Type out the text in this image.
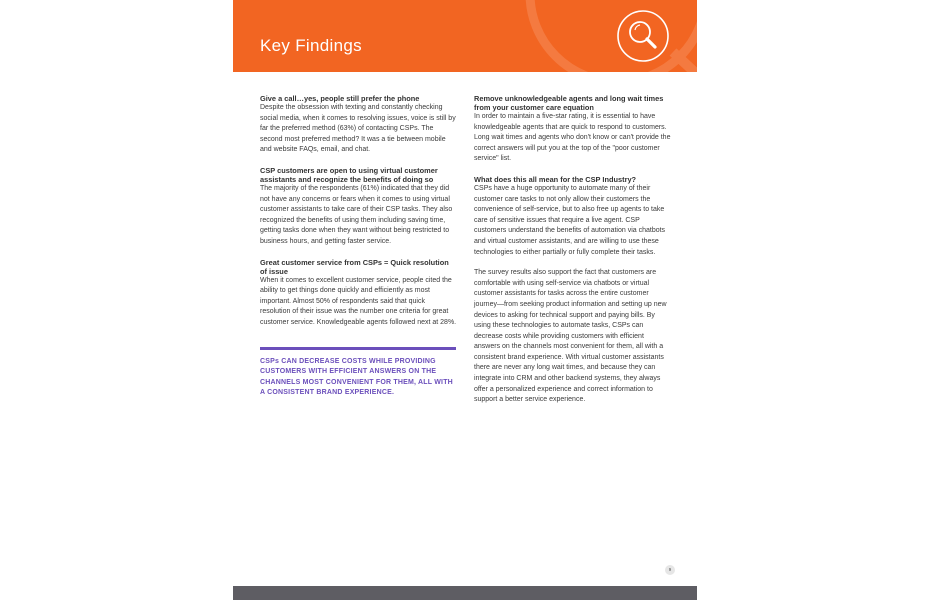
Key Findings

Give a call…yes, people still prefer the phone

Despite the obsession with texting and constantly checking social media, when it comes to resolving issues, voice is still by far the preferred method (63%) of contacting CSPs. The second most preferred method? It was a tie between mobile and website FAQs, email, and chat.

CSP customers are open to using virtual customer assistants and recognize the benefits of doing so

The majority of the respondents (61%) indicated that they did not have any concerns or fears when it comes to using virtual customer assistants to take care of their CSP tasks. They also recognized the benefits of using them including saving time, getting tasks done when they want without being restricted to business hours, and getting faster service.

Great customer service from CSPs = Quick resolution of issue

When it comes to excellent customer service, people cited the ability to get things done quickly and efficiently as most important. Almost 50% of respondents said that quick resolution of their issue was the number one criteria for great customer service. Knowledgeable agents followed next at 28%.

CSPs CAN DECREASE COSTS WHILE PROVIDING CUSTOMERS WITH EFFICIENT ANSWERS ON THE CHANNELS MOST CONVENIENT FOR THEM, ALL WITH A CONSISTENT BRAND EXPERIENCE.

Remove unknowledgeable agents and long wait times from your customer care equation

In order to maintain a five-star rating, it is essential to have knowledgeable agents that are quick to respond to customers. Long wait times and agents who don't know or can't provide the correct answers will put you at the top of the "poor customer service" list.

What does this all mean for the CSP Industry?

CSPs have a huge opportunity to automate many of their customer care tasks to not only allow their customers the convenience of self-service, but to also free up agents to take care of sensitive issues that require a live agent. CSP customers understand the benefits of automation via chatbots and virtual customer assistants, and are willing to use these technologies to either partially or fully complete their tasks.

The survey results also support the fact that customers are comfortable with using self-service via chatbots or virtual customer assistants for tasks across the entire customer journey—from seeking product information and setting up new devices to asking for technical support and paying bills. By using these technologies to automate tasks, CSPs can decrease costs while providing customers with efficient answers on the channels most convenient for them, all with a consistent brand experience. With virtual customer assistants there are never any long wait times, and because they can integrate into CRM and other backend systems, they always offer a personalized experience and correct information to support a better service experience.

9
